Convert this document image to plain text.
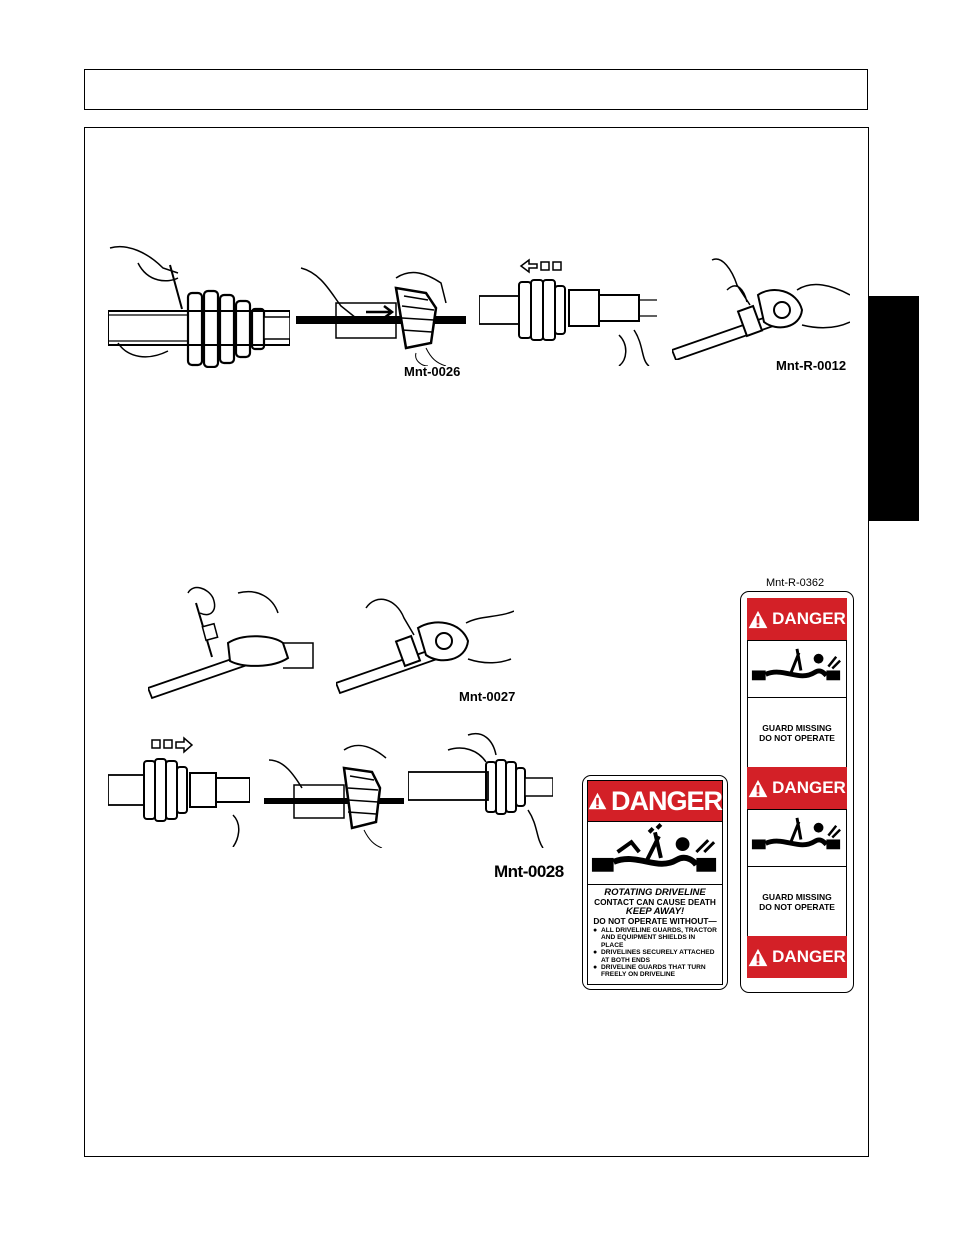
Mnt-0026	Mnt-R-0012
Mnt-0027
Mnt-0028
Mnt-R-0362
DANGER
ROTATING DRIVELINE
CONTACT CAN CAUSE DEATH
KEEP AWAY!
DO NOT OPERATE WITHOUT—
● ALL DRIVELINE GUARDS, TRACTOR AND EQUIPMENT SHIELDS IN PLACE
● DRIVELINES SECURELY ATTACHED AT BOTH ENDS
● DRIVELINE GUARDS THAT TURN FREELY ON DRIVELINE
DANGER
GUARD MISSING
DO NOT OPERATE
DANGER
GUARD MISSING
DO NOT OPERATE
DANGER
